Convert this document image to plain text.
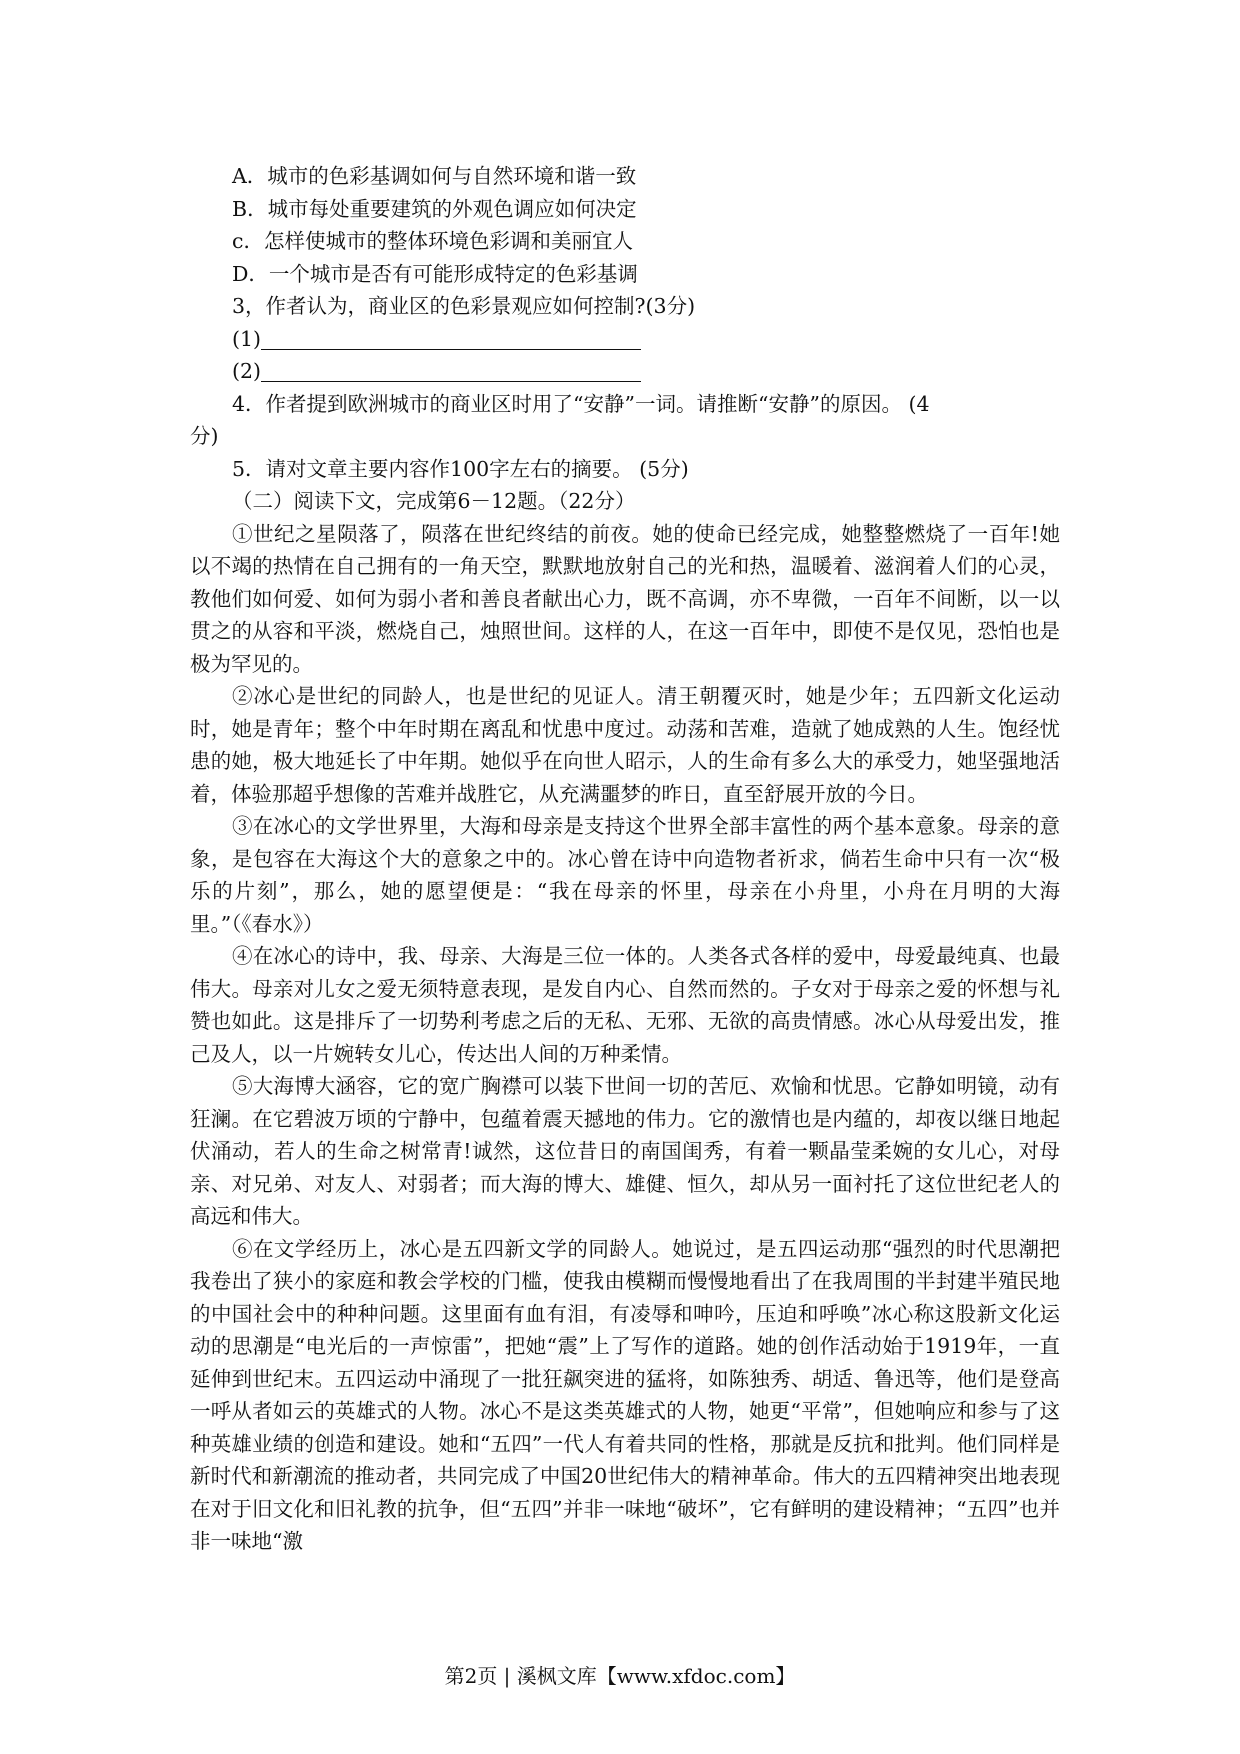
A．城市的色彩基调如何与自然环境和谐一致
B．城市每处重要建筑的外观色调应如何决定
c．怎样使城市的整体环境色彩调和美丽宜人
D．一个城市是否有可能形成特定的色彩基调
3，作者认为，商业区的色彩景观应如何控制?(3分)
(1)
(2)
4．作者提到欧洲城市的商业区时用了“安静”一词。请推断“安静”的原因。 (4
分)
5．请对文章主要内容作100字左右的摘要。 (5分)
（二）阅读下文，完成第6－12题。（22分）
①世纪之星陨落了，陨落在世纪终结的前夜。她的使命已经完成，她整整燃烧了一百年!她以不竭的热情在自己拥有的一角天空，默默地放射自己的光和热，温暖着、滋润着人们的心灵，教他们如何爱、如何为弱小者和善良者献出心力，既不高调，亦不卑微，一百年不间断，以一以贯之的从容和平淡，燃烧自己，烛照世间。这样的人，在这一百年中，即使不是仅见，恐怕也是极为罕见的。
②冰心是世纪的同龄人，也是世纪的见证人。清王朝覆灭时，她是少年；五四新文化运动时，她是青年；整个中年时期在离乱和忧患中度过。动荡和苦难，造就了她成熟的人生。饱经忧患的她，极大地延长了中年期。她似乎在向世人昭示，人的生命有多么大的承受力，她坚强地活着，体验那超乎想像的苦难并战胜它，从充满噩梦的昨日，直至舒展开放的今日。
③在冰心的文学世界里，大海和母亲是支持这个世界全部丰富性的两个基本意象。母亲的意象，是包容在大海这个大的意象之中的。冰心曾在诗中向造物者祈求，倘若生命中只有一次“极乐的片刻”，那么，她的愿望便是：“我在母亲的怀里，母亲在小舟里，小舟在月明的大海里。”（《春水》）
④在冰心的诗中，我、母亲、大海是三位一体的。人类各式各样的爱中，母爱最纯真、也最伟大。母亲对儿女之爱无须特意表现，是发自内心、自然而然的。子女对于母亲之爱的怀想与礼赞也如此。这是排斥了一切势利考虑之后的无私、无邪、无欲的高贵情感。冰心从母爱出发，推己及人，以一片婉转女儿心，传达出人间的万种柔情。
⑤大海博大涵容，它的宽广胸襟可以装下世间一切的苦厄、欢愉和忧思。它静如明镜，动有狂澜。在它碧波万顷的宁静中，包蕴着震天撼地的伟力。它的激情也是内蕴的，却夜以继日地起伏涌动，若人的生命之树常青!诚然，这位昔日的南国闺秀，有着一颗晶莹柔婉的女儿心，对母亲、对兄弟、对友人、对弱者；而大海的博大、雄健、恒久，却从另一面衬托了这位世纪老人的高远和伟大。
⑥在文学经历上，冰心是五四新文学的同龄人。她说过，是五四运动那“强烈的时代思潮把我卷出了狭小的家庭和教会学校的门槛，使我由模糊而慢慢地看出了在我周围的半封建半殖民地的中国社会中的种种问题。这里面有血有泪，有凌辱和呻吟，压迫和呼唤”冰心称这股新文化运动的思潮是“电光后的一声惊雷”，把她“震”上了写作的道路。她的创作活动始于1919年，一直延伸到世纪末。五四运动中涌现了一批狂飙突进的猛将，如陈独秀、胡适、鲁迅等，他们是登高一呼从者如云的英雄式的人物。冰心不是这类英雄式的人物，她更“平常”，但她响应和参与了这种英雄业绩的创造和建设。她和“五四”一代人有着共同的性格，那就是反抗和批判。他们同样是新时代和新潮流的推动者，共同完成了中国20世纪伟大的精神革命。伟大的五四精神突出地表现在对于旧文化和旧礼教的抗争，但“五四”并非一味地“破坏”，它有鲜明的建设精神；“五四”也并非一味地“激
第2页 | 溪枫文库【www.xfdoc.com】
